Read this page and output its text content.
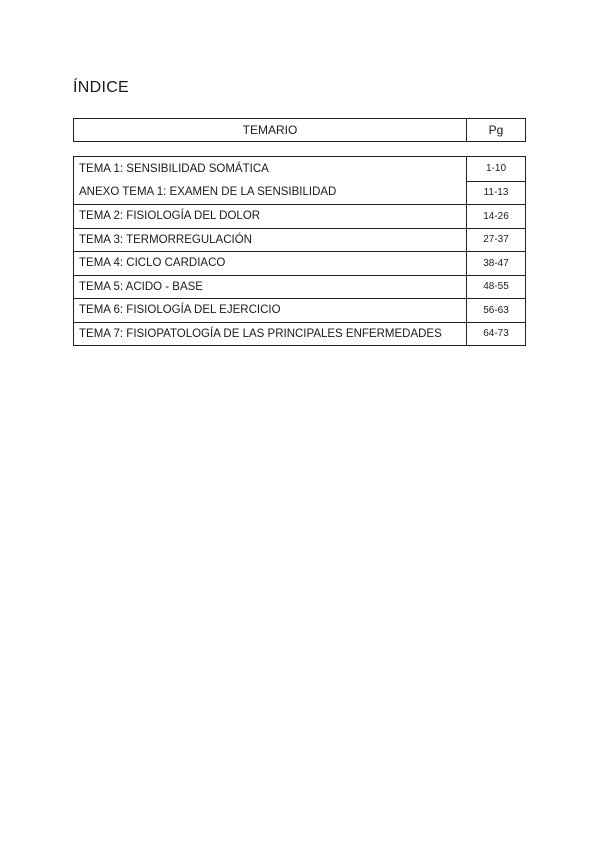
ÍNDICE
TEMARIO	Pg
TEMA 1: SENSIBILIDAD SOMÁTICA	1-10
ANEXO TEMA 1: EXAMEN DE LA SENSIBILIDAD	11-13
TEMA 2: FISIOLOGÍA DEL DOLOR	14-26
TEMA 3: TERMORREGULACIÓN	27-37
TEMA 4: CICLO CARDIACO	38-47
TEMA 5: ACIDO - BASE	48-55
TEMA 6: FISIOLOGÍA DEL EJERCICIO	56-63
TEMA 7: FISIOPATOLOGÍA DE LAS PRINCIPALES ENFERMEDADES	64-73
